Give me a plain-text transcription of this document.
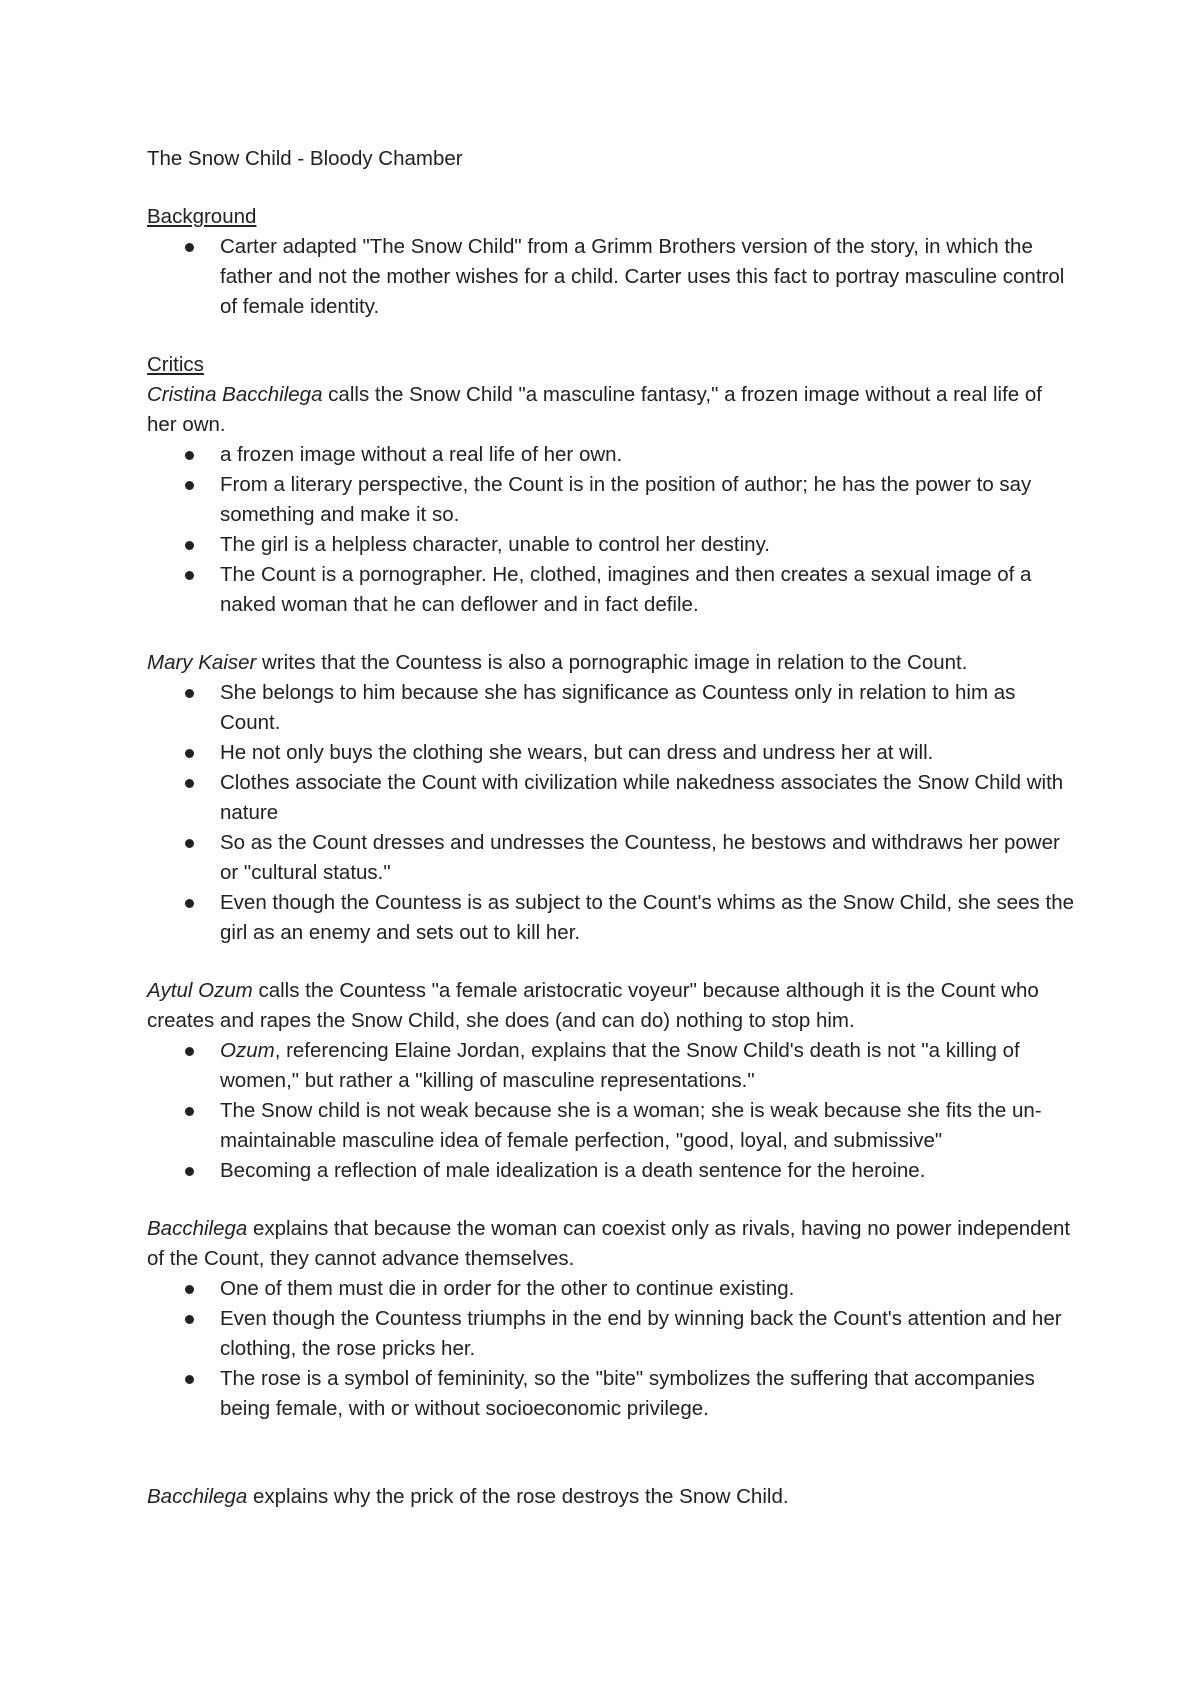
The Snow Child - Bloody Chamber

Background

Carter adapted "The Snow Child" from a Grimm Brothers version of the story, in which the father and not the mother wishes for a child. Carter uses this fact to portray masculine control of female identity.

Critics

Cristina Bacchilega calls the Snow Child "a masculine fantasy," a frozen image without a real life of her own.

a frozen image without a real life of her own.
From a literary perspective, the Count is in the position of author; he has the power to say something and make it so.
The girl is a helpless character, unable to control her destiny.
The Count is a pornographer. He, clothed, imagines and then creates a sexual image of a naked woman that he can deflower and in fact defile.

Mary Kaiser writes that the Countess is also a pornographic image in relation to the Count.

She belongs to him because she has significance as Countess only in relation to him as Count.
He not only buys the clothing she wears, but can dress and undress her at will.
Clothes associate the Count with civilization while nakedness associates the Snow Child with nature
So as the Count dresses and undresses the Countess, he bestows and withdraws her power or "cultural status."
Even though the Countess is as subject to the Count's whims as the Snow Child, she sees the girl as an enemy and sets out to kill her.

Aytul Ozum calls the Countess "a female aristocratic voyeur" because although it is the Count who creates and rapes the Snow Child, she does (and can do) nothing to stop him.

Ozum, referencing Elaine Jordan, explains that the Snow Child's death is not "a killing of women," but rather a "killing of masculine representations."
The Snow child is not weak because she is a woman; she is weak because she fits the un-maintainable masculine idea of female perfection, "good, loyal, and submissive"
Becoming a reflection of male idealization is a death sentence for the heroine.

Bacchilega explains that because the woman can coexist only as rivals, having no power independent of the Count, they cannot advance themselves.

One of them must die in order for the other to continue existing.
Even though the Countess triumphs in the end by winning back the Count's attention and her clothing, the rose pricks her.
The rose is a symbol of femininity, so the "bite" symbolizes the suffering that accompanies being female, with or without socioeconomic privilege.

Bacchilega explains why the prick of the rose destroys the Snow Child.
